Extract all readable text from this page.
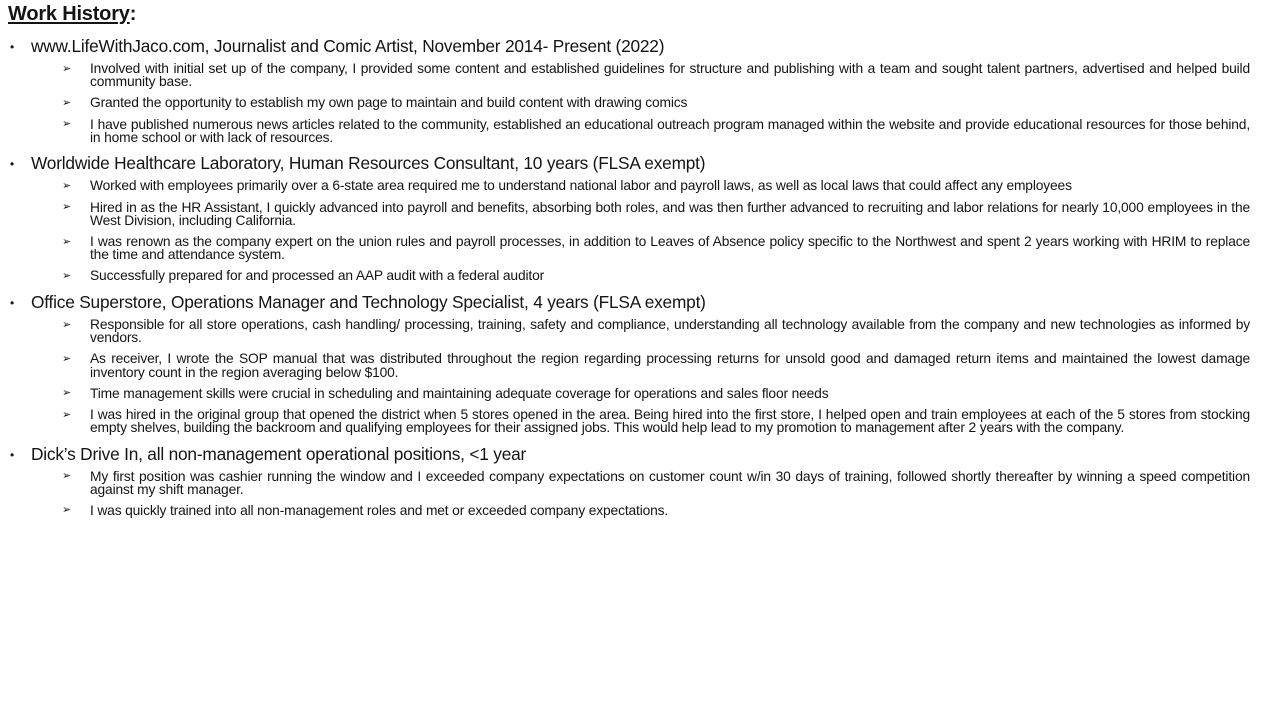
Work History:
• www.LifeWithJaco.com, Journalist and Comic Artist, November 2014- Present (2022)
➢	Involved with initial set up of the company, I provided some content and established guidelines for structure and publishing with a team and sought talent partners, advertised and helped build community base.
➢	Granted the opportunity to establish my own page to maintain and build content with drawing comics
➢	I have published numerous news articles related to the community, established an educational outreach program managed within the website and provide educational resources for those behind, in home school or with lack of resources.
• Worldwide Healthcare Laboratory, Human Resources Consultant, 10 years (FLSA exempt)
➢	Worked with employees primarily over a 6-state area required me to understand national labor and payroll laws, as well as local laws that could affect any employees
➢	Hired in as the HR Assistant, I quickly advanced into payroll and benefits, absorbing both roles, and was then further advanced to recruiting and labor relations for nearly 10,000 employees in the West Division, including California.
➢	I was renown as the company expert on the union rules and payroll processes, in addition to Leaves of Absence policy specific to the Northwest and spent 2 years working with HRIM to replace the time and attendance system.
➢	Successfully prepared for and processed an AAP audit with a federal auditor
• Office Superstore, Operations Manager and Technology Specialist, 4 years (FLSA exempt)
➢	Responsible for all store operations, cash handling/ processing, training, safety and compliance, understanding all technology available from the company and new technologies as informed by vendors.
➢	As receiver, I wrote the SOP manual that was distributed throughout the region regarding processing returns for unsold good and damaged return items and maintained the lowest damage inventory count in the region averaging below $100.
➢	Time management skills were crucial in scheduling and maintaining adequate coverage for operations and sales floor needs
➢	I was hired in the original group that opened the district when 5 stores opened in the area. Being hired into the first store, I helped open and train employees at each of the 5 stores from stocking empty shelves, building the backroom and qualifying employees for their assigned jobs. This would help lead to my promotion to management after 2 years with the company.
• Dick’s Drive In, all non-management operational positions, <1 year
➢	My first position was cashier running the window and I exceeded company expectations on customer count w/in 30 days of training, followed shortly thereafter by winning a speed competition against my shift manager.
➢	I was quickly trained into all non-management roles and met or exceeded company expectations.
